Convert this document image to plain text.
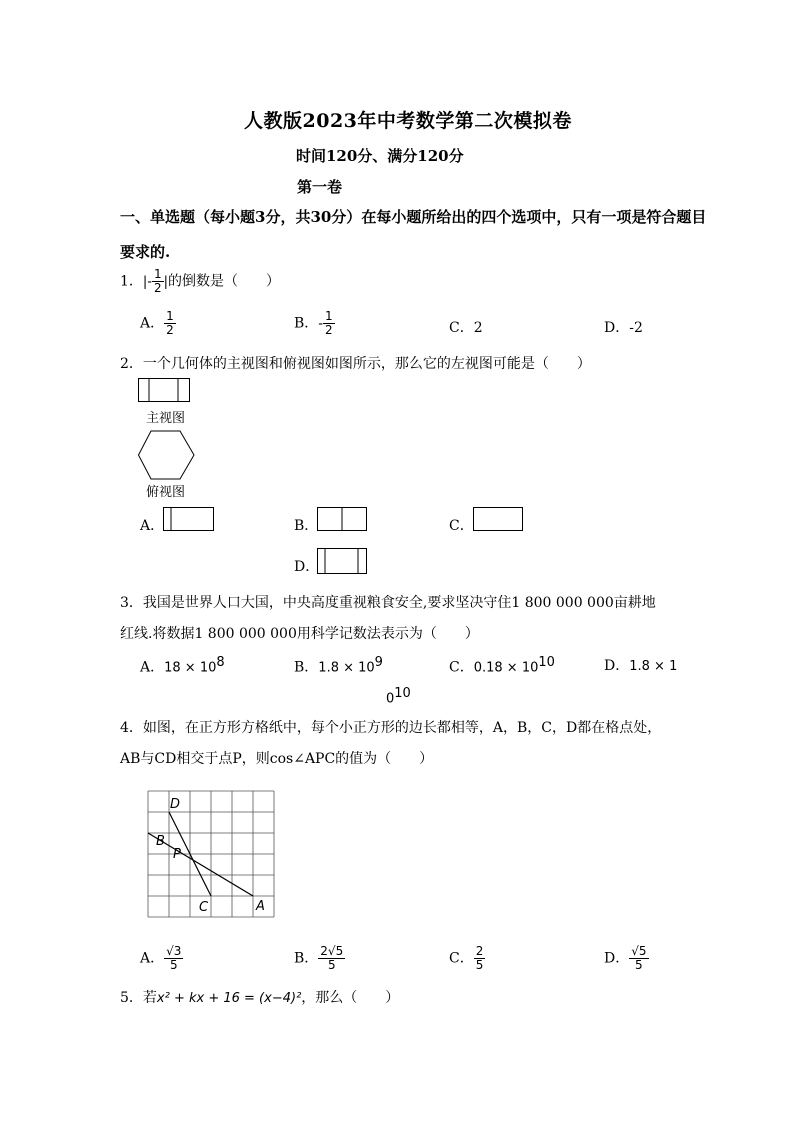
人教版2023年中考数学第二次模拟卷
时间120分、满分120分
第一卷
一、单选题（每小题3分，共30分）在每小题所给出的四个选项中，只有一项是符合题目
要求的.
1．|- $\frac{1}{2}$ |的倒数是（　　）
A． $\frac{1}{2}$	B．- $\frac{1}{2}$	C．2	D．-2
2．一个几何体的主视图和俯视图如图所示，那么它的左视图可能是（　　）
主视图
俯视图
A．	B．	C．
D．
3．我国是世界人口大国，中央高度重视粮食安全,要求坚决守住1 800 000 000亩耕地
红线.将数据1 800 000 000用科学记数法表示为（　　）
A．$18 \times 10^8$	B．$1.8 \times 10^9$	C．$0.18 \times 10^{10}$	D．1.8 × 1
$0^{10}$
4．如图，在正方形方格纸中，每个小正方形的边长都相等，A，B，C，D都在格点处，
AB与CD相交于点P，则cos∠APC的值为（　　）
D
B
P
C	A
A． $\frac{√3}{5}$	B． $\frac{2√5}{5}$	C． $\frac{2}{5}$	D． $\frac{√5}{5}$
5．若x² + kx + 16 = (x−4)²，那么（　　）
